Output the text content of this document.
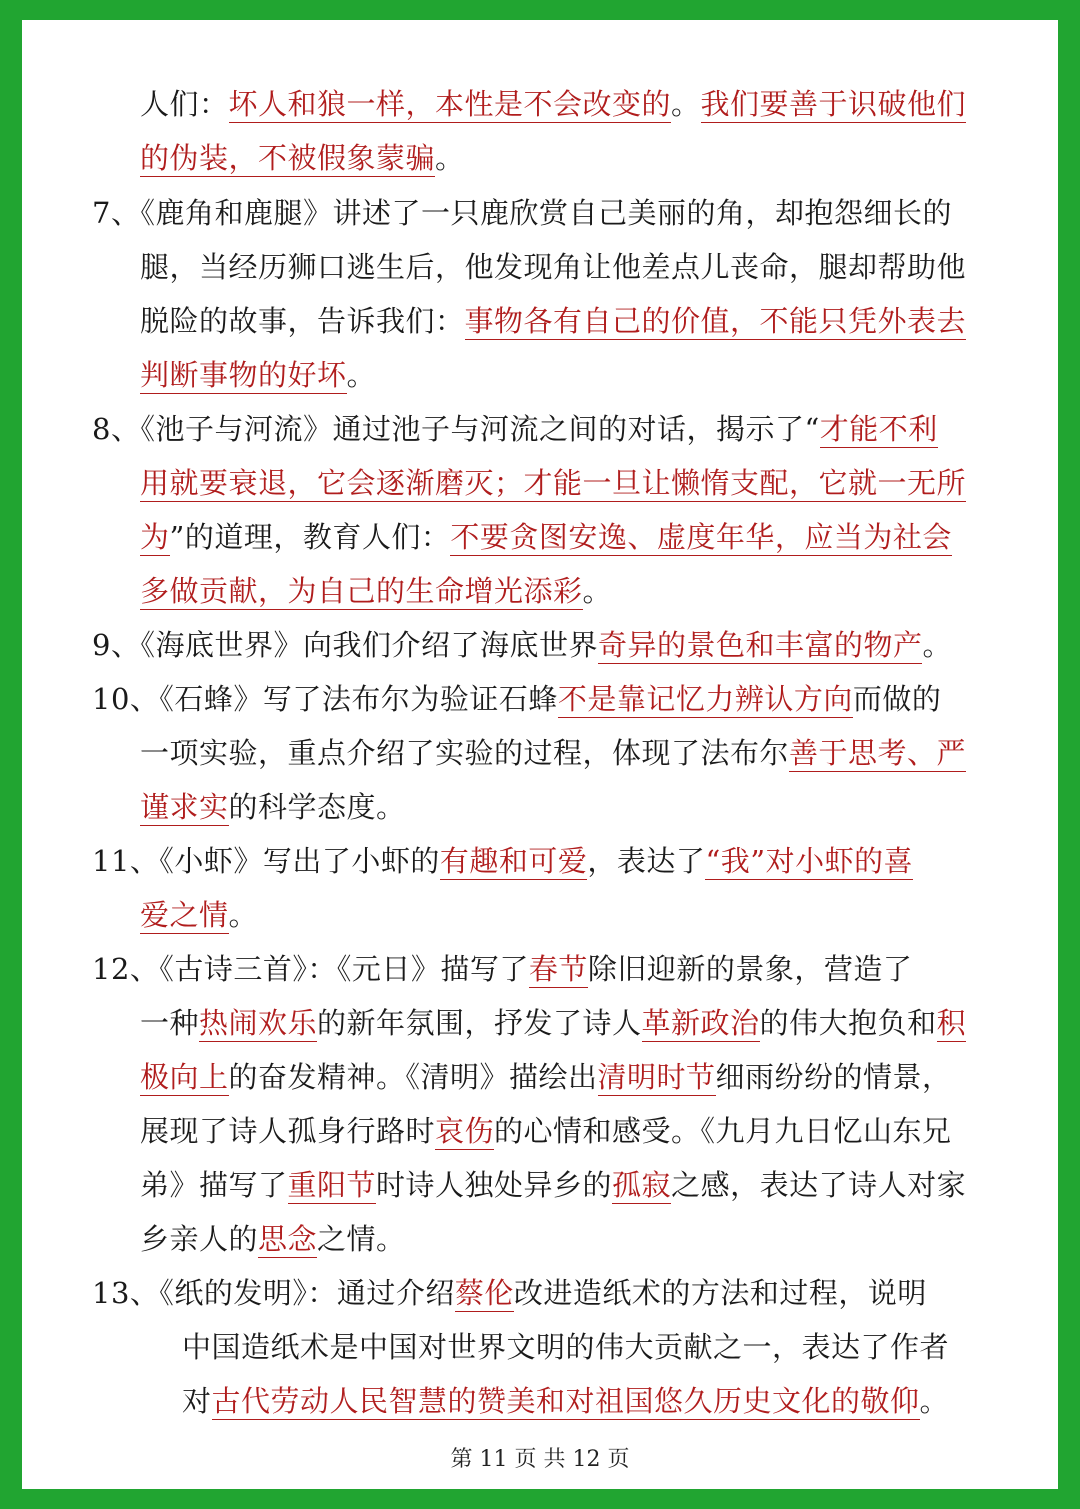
人们：坏人和狼一样，本性是不会改变的。我们要善于识破他们
的伪装，不被假象蒙骗。
7、《鹿角和鹿腿》讲述了一只鹿欣赏自己美丽的角，却抱怨细长的
腿，当经历狮口逃生后，他发现角让他差点儿丧命，腿却帮助他
脱险的故事，告诉我们：事物各有自己的价值，不能只凭外表去
判断事物的好坏。
8、《池子与河流》通过池子与河流之间的对话，揭示了“才能不利
用就要衰退，它会逐渐磨灭；才能一旦让懒惰支配，它就一无所
为”的道理，教育人们：不要贪图安逸、虚度年华，应当为社会
多做贡献，为自己的生命增光添彩。
9、《海底世界》向我们介绍了海底世界奇异的景色和丰富的物产。
10、《石蜂》写了法布尔为验证石蜂不是靠记忆力辨认方向而做的
一项实验，重点介绍了实验的过程，体现了法布尔善于思考、严
谨求实的科学态度。
11、《小虾》写出了小虾的有趣和可爱，表达了“我”对小虾的喜
爱之情。
12、《古诗三首》：《元日》描写了春节除旧迎新的景象，营造了
一种热闹欢乐的新年氛围，抒发了诗人革新政治的伟大抱负和积
极向上的奋发精神。《清明》描绘出清明时节细雨纷纷的情景，
展现了诗人孤身行路时哀伤的心情和感受。《九月九日忆山东兄
弟》描写了重阳节时诗人独处异乡的孤寂之感，表达了诗人对家
乡亲人的思念之情。
13、《纸的发明》：通过介绍蔡伦改进造纸术的方法和过程，说明
中国造纸术是中国对世界文明的伟大贡献之一，表达了作者
对古代劳动人民智慧的赞美和对祖国悠久历史文化的敬仰。
第 11 页 共 12 页
